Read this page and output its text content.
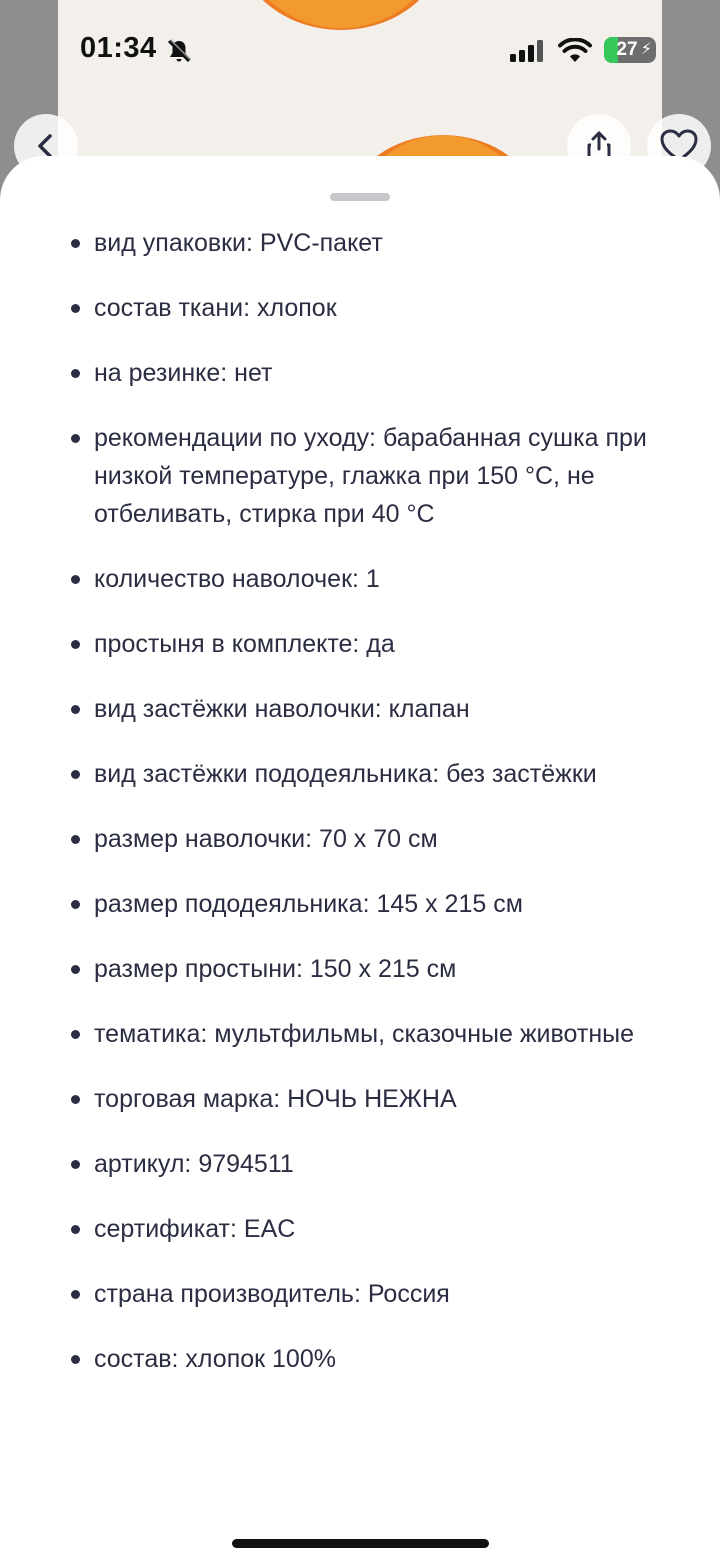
01:34	27 ⚡
вид упаковки: PVC-пакет
состав ткани: хлопок
на резинке: нет
рекомендации по уходу: барабанная сушка при низкой температуре, глажка при 150 °C, не отбеливать, стирка при 40 °C
количество наволочек: 1
простыня в комплекте: да
вид застёжки наволочки: клапан
вид застёжки пододеяльника: без застёжки
размер наволочки: 70 x 70 см
размер пододеяльника: 145 x 215 см
размер простыни: 150 x 215 см
тематика: мультфильмы, сказочные животные
торговая марка: НОЧЬ НЕЖНА
артикул: 9794511
сертификат: EAC
страна производитель: Россия
состав: хлопок 100%
